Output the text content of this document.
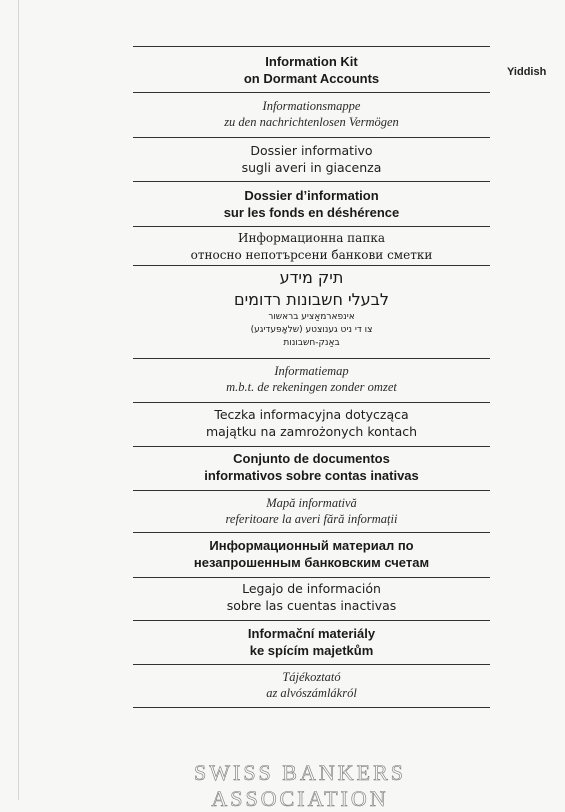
Yiddish
Information Kit
on Dormant Accounts
Informationsmappe
zu den nachrichtenlosen Vermögen
Dossier informativo
sugli averi in giacenza
Dossier d’information
sur les fonds en déshérence
Информационна папка
относно непотърсени банкови сметки
תיק מידע
לבעלי חשבונות רדומים
אינפארמאַציע בראשור
צו די ניט גענוצטע (שלאָפּעדיגע)
באַנק-חשבונות
Informatiemap
m.b.t. de rekeningen zonder omzet
Teczka informacyjna dotycząca
majątku na zamrożonych kontach
Conjunto de documentos
informativos sobre contas inativas
Mapă informativă
referitoare la averi fără informații
Информационный материал по
незапрошенным банковским счетам
Legajo de información
sobre las cuentas inactivas
Informační materiály
ke spícím majetkům
Tájékoztató
az alvószámlákról
SWISS BANKERS ASSOCIATION
